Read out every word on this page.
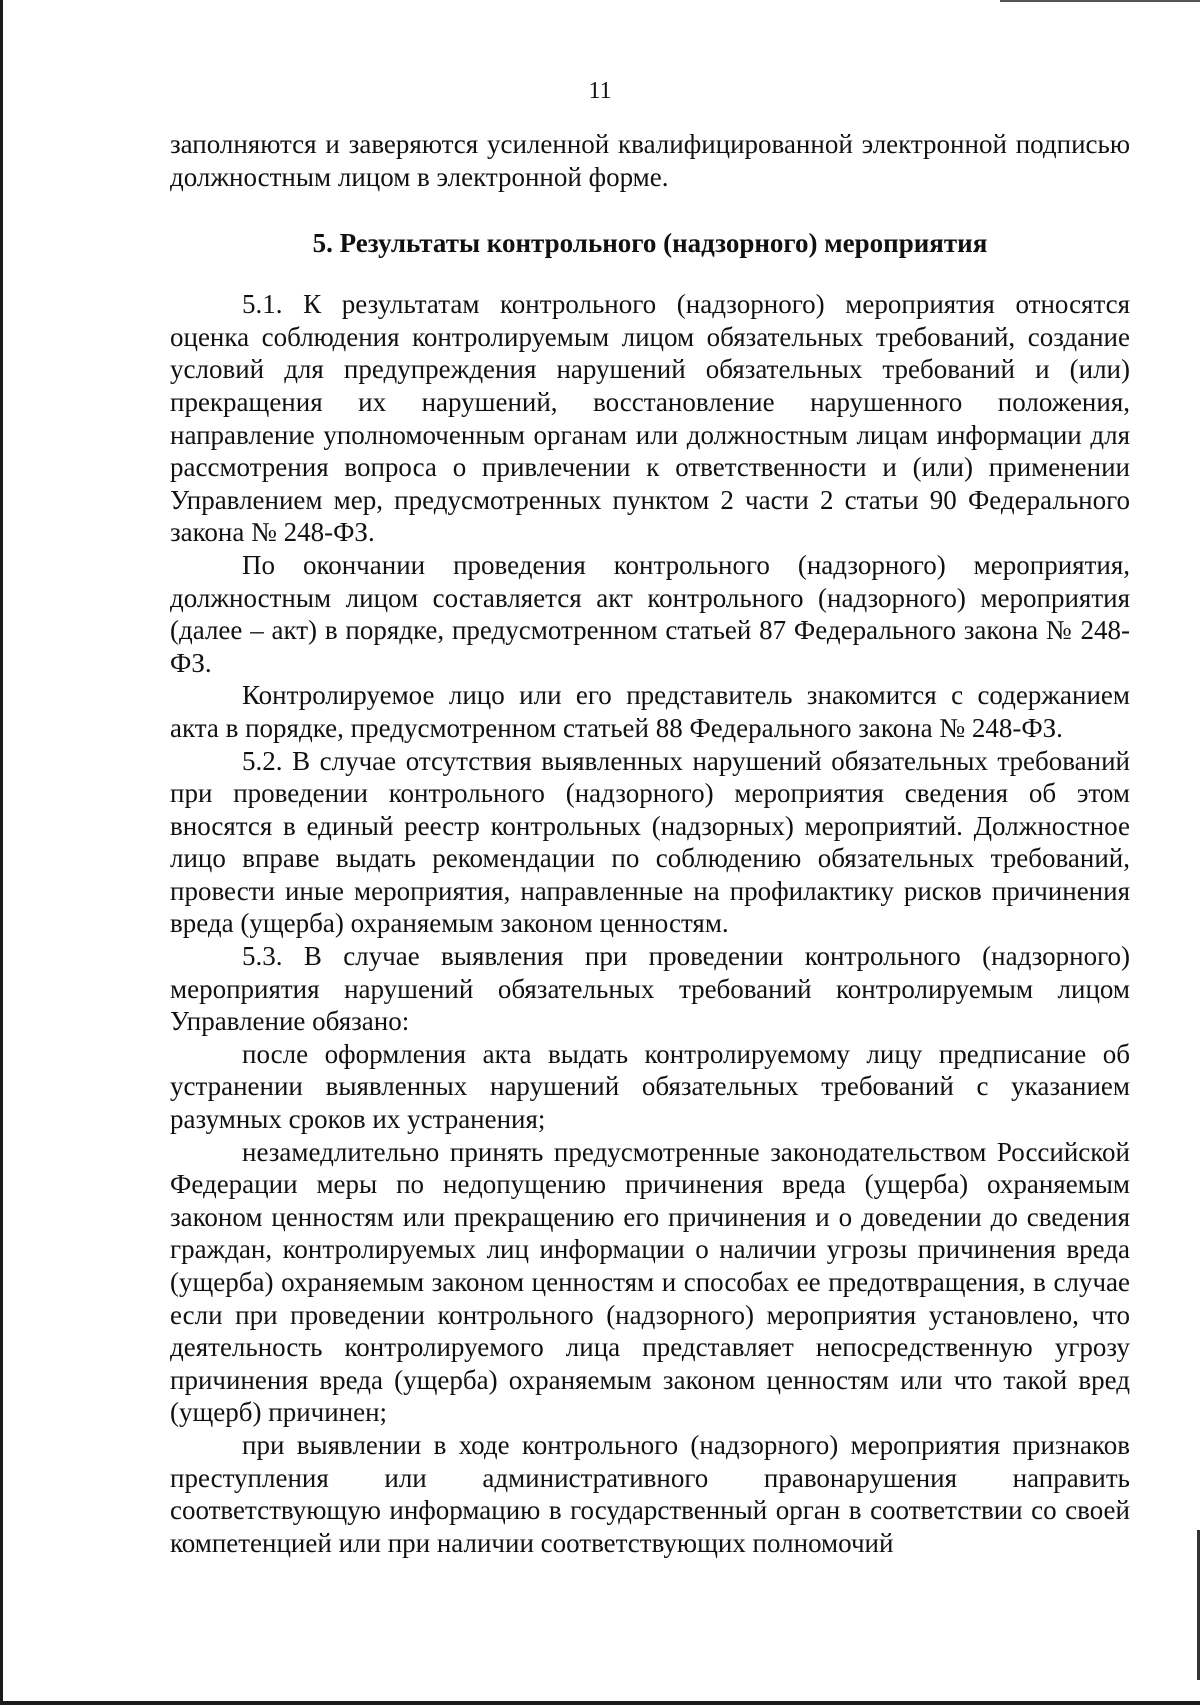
11

заполняются и заверяются усиленной квалифицированной электронной подписью должностным лицом в электронной форме.

5. Результаты контрольного (надзорного) мероприятия

5.1. К результатам контрольного (надзорного) мероприятия относятся оценка соблюдения контролируемым лицом обязательных требований, создание условий для предупреждения нарушений обязательных требований и (или) прекращения их нарушений, восстановление нарушенного положения, направление уполномоченным органам или должностным лицам информации для рассмотрения вопроса о привлечении к ответственности и (или) применении Управлением мер, предусмотренных пунктом 2 части 2 статьи 90 Федерального закона № 248-ФЗ.

По окончании проведения контрольного (надзорного) мероприятия, должностным лицом составляется акт контрольного (надзорного) мероприятия (далее – акт) в порядке, предусмотренном статьей 87 Федерального закона № 248-ФЗ.

Контролируемое лицо или его представитель знакомится с содержанием акта в порядке, предусмотренном статьей 88 Федерального закона № 248-ФЗ.

5.2. В случае отсутствия выявленных нарушений обязательных требований при проведении контрольного (надзорного) мероприятия сведения об этом вносятся в единый реестр контрольных (надзорных) мероприятий. Должностное лицо вправе выдать рекомендации по соблюдению обязательных требований, провести иные мероприятия, направленные на профилактику рисков причинения вреда (ущерба) охраняемым законом ценностям.

5.3. В случае выявления при проведении контрольного (надзорного) мероприятия нарушений обязательных требований контролируемым лицом Управление обязано:

после оформления акта выдать контролируемому лицу предписание об устранении выявленных нарушений обязательных требований с указанием разумных сроков их устранения;

незамедлительно принять предусмотренные законодательством Российской Федерации меры по недопущению причинения вреда (ущерба) охраняемым законом ценностям или прекращению его причинения и о доведении до сведения граждан, контролируемых лиц информации о наличии угрозы причинения вреда (ущерба) охраняемым законом ценностям и способах ее предотвращения, в случае если при проведении контрольного (надзорного) мероприятия установлено, что деятельность контролируемого лица представляет непосредственную угрозу причинения вреда (ущерба) охраняемым законом ценностям или что такой вред (ущерб) причинен;

при выявлении в ходе контрольного (надзорного) мероприятия признаков преступления или административного правонарушения направить соответствующую информацию в государственный орган в соответствии со своей компетенцией или при наличии соответствующих полномочий
